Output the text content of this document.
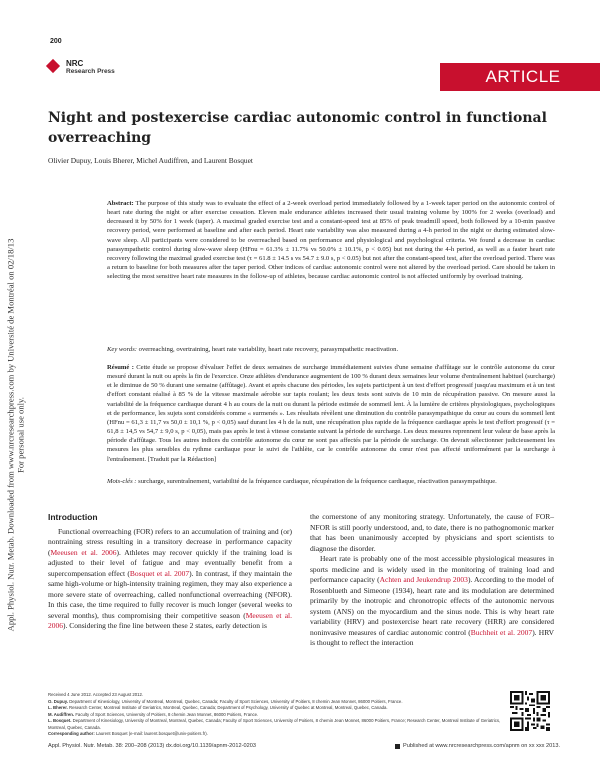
Appl. Physiol. Nutr. Metab. Downloaded from www.nrcresearchpress.com by Université de Montréal on 02/18/13 For personal use only.
200
NRC
Research Press	ARTICLE
Night and postexercise cardiac autonomic control in functional overreaching
Olivier Dupuy, Louis Bherer, Michel Audiffren, and Laurent Bosquet
Abstract: The purpose of this study was to evaluate the effect of a 2-week overload period immediately followed by a 1-week taper period on the autonomic control of heart rate during the night or after exercise cessation. Eleven male endurance athletes increased their usual training volume by 100% for 2 weeks (overload) and decreased it by 50% for 1 week (taper). A maximal graded exercise test and a constant-speed test at 85% of peak treadmill speed, both followed by a 10-min passive recovery period, were performed at baseline and after each period. Heart rate variability was also measured during a 4-h period in the night or during estimated slow-wave sleep. All participants were considered to be overreached based on performance and physiological and psychological criteria. We found a decrease in cardiac parasympathetic control during slow-wave sleep (HFnu = 61.3% ± 11.7% vs 50.0% ± 10.1%, p < 0.05) but not during the 4-h period, as well as a faster heart rate recovery following the maximal graded exercise test (τ = 61.8 ± 14.5 s vs 54.7 ± 9.0 s, p < 0.05) but not after the constant-speed test, after the overload period. There was a return to baseline for both measures after the taper period. Other indices of cardiac autonomic control were not altered by the overload period. Care should be taken in selecting the most sensitive heart rate measures in the follow-up of athletes, because cardiac autonomic control is not affected uniformly by overload training.
Key words: overreaching, overtraining, heart rate variability, heart rate recovery, parasympathetic reactivation.
Résumé : Cette étude se propose d'évaluer l'effet de deux semaines de surcharge immédiatement suivies d'une semaine d'affûtage sur le contrôle autonome du cœur mesuré durant la nuit ou après la fin de l'exercice. Onze athlètes d'endurance augmentent de 100 % durant deux semaines leur volume d'entraînement habituel (surcharge) et le diminue de 50 % durant une semaine (affûtage). Avant et après chacune des périodes, les sujets participent à un test d'effort progressif jusqu'au maximum et à un test d'effort constant réalisé à 85 % de la vitesse maximale aérobie sur tapis roulant; les deux tests sont suivis de 10 min de récupération passive. On mesure aussi la variabilité de la fréquence cardiaque durant 4 h au cours de la nuit ou durant la période estimée de sommeil lent. À la lumière de critères physiologiques, psychologiques et de performance, les sujets sont considérés comme « surmenés ». Les résultats révèlent une diminution du contrôle parasympathique du cœur au cours du sommeil lent (HFnu = 61,3 ± 11,7 vs 50,0 ± 10,1 %, p < 0,05) sauf durant les 4 h de la nuit, une récupération plus rapide de la fréquence cardiaque après le test d'effort progressif (τ = 61,8 ± 14,5 vs 54,7 ± 9,0 s, p < 0,05), mais pas après le test à vitesse constante suivant la période de surcharge. Les deux mesures reprennent leur valeur de base après la période d'affûtage. Tous les autres indices du contrôle autonome du cœur ne sont pas affectés par la période de surcharge. On devrait sélectionner judicieusement les mesures les plus sensibles du rythme cardiaque pour le suivi de l'athlète, car le contrôle autonome du cœur n'est pas affecté uniformément par la surcharge à l'entraînement. [Traduit par la Rédaction]
Mots-clés : surcharge, surentraînement, variabilité de la fréquence cardiaque, récupération de la fréquence cardiaque, réactivation parasympathique.
Introduction

Functional overreaching (FOR) refers to an accumulation of training and (or) nontraining stress resulting in a transitory decrease in performance capacity (Meeusen et al. 2006). Athletes may recover quickly if the training load is adjusted to their level of fatigue and may eventually benefit from a supercompensation effect (Bosquet et al. 2007). In contrast, if they maintain the same high-volume or high-intensity training regimen, they may also experience a more severe state of overreaching, called nonfunctional overreaching (NFOR). In this case, the time required to fully recover is much longer (several weeks to several months), thus compromising their competitive season (Meeusen et al. 2006). Considering the fine line between these 2 states, early detection is

the cornerstone of any monitoring strategy. Unfortunately, the cause of FOR–NFOR is still poorly understood, and, to date, there is no pathognomonic marker that has been unanimously accepted by physicians and sport scientists to diagnose the disorder.

Heart rate is probably one of the most accessible physiological measures in sports medicine and is widely used in the monitoring of training load and performance capacity (Achten and Jeukendrup 2003). According to the model of Rosenblueth and Simeone (1934), heart rate and its modulation are determined primarily by the inotropic and chronotropic effects of the autonomic nervous system (ANS) on the myocardium and the sinus node. This is why heart rate variability (HRV) and postexercise heart rate recovery (HRR) are considered noninvasive measures of cardiac autonomic control (Buchheit et al. 2007). HRV is thought to reflect the interaction

Received 4 June 2012. Accepted 23 August 2012.
O. Dupuy. Department of Kinesiology, University of Montreal, Montreal, Quebec, Canada; Faculty of Sport Sciences, University of Poitiers, 8 chemin Jean Monnet, 86000 Poitiers, France.
L. Bherer. Research Center, Montreal Institute of Geriatrics, Montreal, Quebec, Canada; Department of Psychology, University of Quebec at Montreal, Montreal, Quebec, Canada.
M. Audiffren. Faculty of Sport Sciences, University of Poitiers, 8 chemin Jean Monnet, 86000 Poitiers, France.
L. Bosquet. Department of Kinesiology, University of Montreal, Montreal, Quebec, Canada; Faculty of Sport Sciences, University of Poitiers, 8 chemin Jean Monnet, 86000 Poitiers, France; Research Center, Montreal Institute of Geriatrics, Montreal, Quebec, Canada.
Corresponding author: Laurent Bosquet (e-mail: laurent.bosquet@univ-poitiers.fr).
Appl. Physiol. Nutr. Metab. 38: 200–208 (2013) dx.doi.org/10.1139/apnm-2012-0203	Published at www.nrcresearchpress.com/apnm on xx xxx 2013.
